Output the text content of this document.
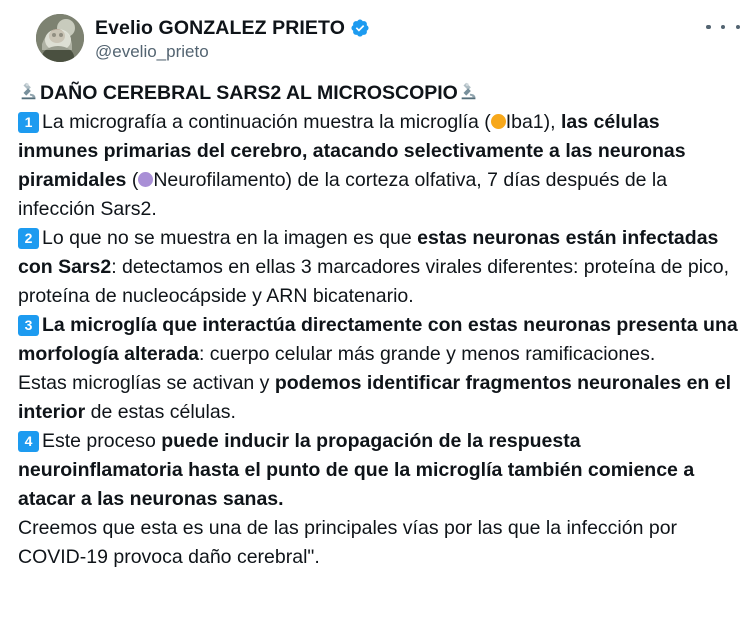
Evelio GONZALEZ PRIETO
@evelio_prieto

DAÑO CEREBRAL SARS2 AL MICROSCOPIO

1 La micrografía a continuación muestra la microglía ( Iba1), las células inmunes primarias del cerebro, atacando selectivamente a las neuronas piramidales ( Neurofilamento) de la corteza olfativa, 7 días después de la infección Sars2.

2 Lo que no se muestra en la imagen es que estas neuronas están infectadas con Sars2: detectamos en ellas 3 marcadores virales diferentes: proteína de pico, proteína de nucleocápside y ARN bicatenario.

3 La microglía que interactúa directamente con estas neuronas presenta una morfología alterada: cuerpo celular más grande y menos ramificaciones.

Estas microglías se activan y podemos identificar fragmentos neuronales en el interior de estas células.

4 Este proceso puede inducir la propagación de la respuesta neuroinflamatoria hasta el punto de que la microglía también comience a atacar a las neuronas sanas.

Creemos que esta es una de las principales vías por las que la infección por COVID-19 provoca daño cerebral".
